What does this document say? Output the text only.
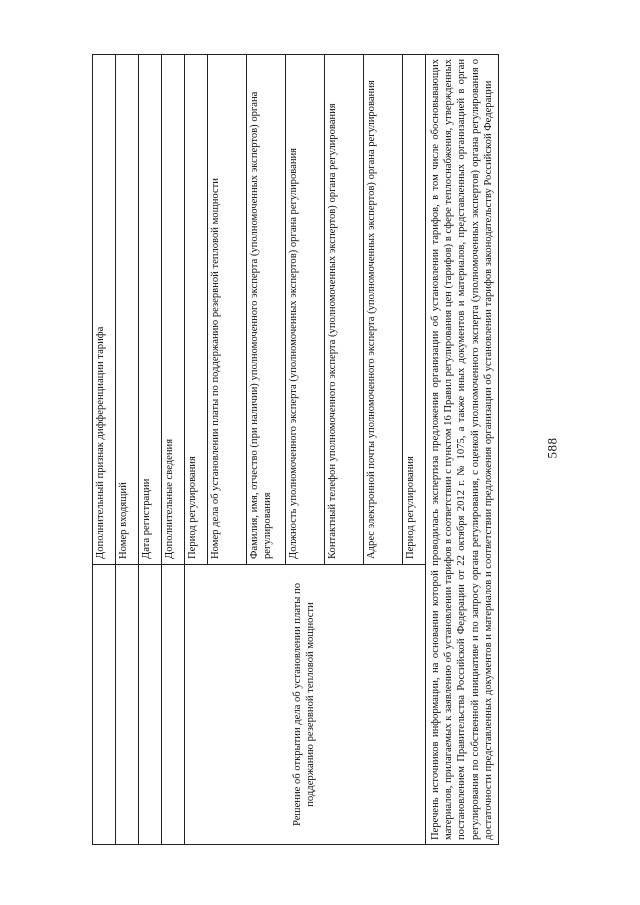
588
	Дополнительный признак дифференциации тарифа
	Номер входящий
	Дата регистрации
	Дополнительные сведения
Решение об открытии дела об установлении платы по поддержанию резервной тепловой мощности	Период регулирования
	Номер дела об установлении платы по поддержанию резервной тепловой мощности
	Фамилия, имя, отчество (при наличии) уполномоченного эксперта (уполномоченных экспертов) органа регулирования
	Должность уполномоченного эксперта (уполномоченных экспертов) органа регулирования
	Контактный телефон уполномоченного эксперта (уполномоченных экспертов) органа регулирования
	Адрес электронной почты уполномоченного эксперта (уполномоченных экспертов) органа регулирования
	Период регулирования
Перечень источников информации, на основании которой проводилась экспертиза предложения организации об установлении тарифов, в том числе обосновывающих материалов, прилагаемых к заявлению об установлении тарифов в соответствии с пунктом 16 Правил регулирования цен (тарифов) в сфере теплоснабжения, утвержденных постановлением Правительства Российской Федерации от 22 октября 2012 г. № 1075, а также иных документов и материалов, представленных организацией в орган регулирования по собственной инициативе и по запросу органа регулирования, с оценкой уполномоченного эксперта (уполномоченных экспертов) органа регулирования о достаточности представленных документов и материалов и соответствии предложения организации об установлении тарифов законодательству Российской Федерации	
